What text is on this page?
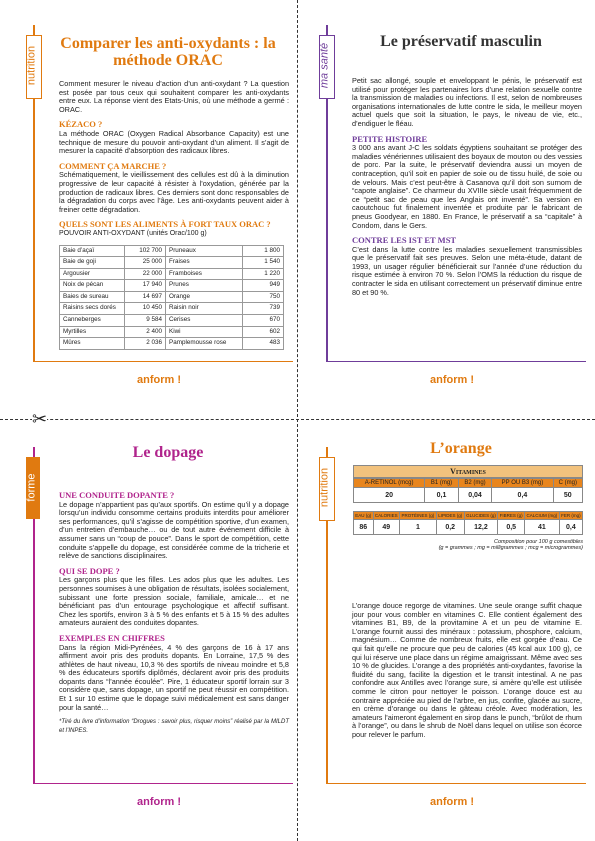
✂
nutrition
Comparer les anti-oxydants : la méthode ORAC

Comment mesurer le niveau d’action d’un anti-oxydant ? La question est posée par tous ceux qui souhaitent comparer les anti-oxydants entre eux. La réponse vient des Etats-Unis, où une méthode a germé : ORAC.

KÉZACO ?

La méthode ORAC (Oxygen Radical Absorbance Capacity) est une technique de mesure du pouvoir anti-oxydant d’un aliment. Il s’agit de mesurer la capacité d’absorption des radicaux libres.

COMMENT ÇA MARCHE ?

Schématiquement, le vieillissement des cellules est dû à la diminution progressive de leur capacité à résister à l’oxydation, générée par la production de radicaux libres. Ces derniers sont donc responsables de la dégradation du corps avec l’âge. Les anti-oxydants peuvent aider à freiner cette dégradation.

QUELS SONT LES ALIMENTS À FORT TAUX ORAC ?
POUVOIR ANTI-OXYDANT (unités Orac/100 g)
Baie d’açaï	102 700	Pruneaux	1 800
Baie de goji	25 000	Fraises	1 540
Argousier	22 000	Framboises	1 220
Noix de pécan	17 940	Prunes	949
Baies de sureau	14 697	Orange	750
Raisins secs dorés	10 450	Raisin noir	739
Canneberges	9 584	Cerises	670
Myrtilles	2 400	Kiwi	602
Mûres	2 036	Pamplemousse rose	483
anform !
ma santé
Le préservatif masculin

Petit sac allongé, souple et enveloppant le pénis, le préservatif est utilisé pour protéger les partenaires lors d’une relation sexuelle contre la transmission de maladies ou infections. Il est, selon de nombreuses organisations internationales de lutte contre le sida, le meilleur moyen actuel quels que soit la situation, le pays, le niveau de vie, etc., d’endiguer le fléau.

PETITE HISTOIRE

3 000 ans avant J-C les soldats égyptiens souhaitant se protéger des maladies vénériennes utilisaient des boyaux de mouton ou des vessies de porc. Par la suite, le préservatif deviendra aussi un moyen de contraception, qu’il soit en papier de soie ou de tissu huilé, de soie ou de velours. Mais c’est peut-être à Casanova qu’il doit son surnom de “capote anglaise”. Ce charmeur du XVIIIe siècle usait fréquemment de ce “petit sac de peau que les Anglais ont inventé”. Sa version en caoutchouc fut finalement inventée et produite par le fabricant de pneus Goodyear, en 1880. En France, le préservatif a sa “capitale” à Condom, dans le Gers.

CONTRE LES IST ET MST

C’est dans la lutte contre les maladies sexuellement transmissibles que le préservatif fait ses preuves. Selon une méta-étude, datant de 1993, un usager régulier bénéficierait sur l’année d’une réduction du risque estimée à environ 70 %. Selon l’OMS la réduction du risque de contracter le sida en utilisant correctement un préservatif diminue entre 80 et 90 %.

anform !
forme
Le dopage
UNE CONDUITE DOPANTE ?

Le dopage n’appartient pas qu’aux sportifs. On estime qu’il y a dopage lorsqu’un individu consomme certains produits interdits pour améliorer ses performances, qu’il s’agisse de compétition sportive, d’un examen, d’un entretien d’embauche… ou de tout autre événement difficile à assumer sans un “coup de pouce”. Dans le sport de compétition, cette conduite s’appelle du dopage, est considérée comme de la tricherie et relève de sanctions disciplinaires.

QUI SE DOPE ?

Les garçons plus que les filles. Les ados plus que les adultes. Les personnes soumises à une obligation de résultats, isolées socialement, subissant une forte pression sociale, familiale, amicale… et ne bénéficiant pas d’un entourage psychologique et affectif suffisant. Chez les sportifs, environ 3 à 5 % des enfants et 5 à 15 % des adultes amateurs auraient des conduites dopantes.

EXEMPLES EN CHIFFRES

Dans la région Midi-Pyrénées, 4 % des garçons de 16 à 17 ans affirment avoir pris des produits dopants. En Lorraine, 17,5 % des athlètes de haut niveau, 10,3 % des sportifs de niveau moindre et 5,8 % des éducateurs sportifs diplômés, déclarent avoir pris des produits dopants dans “l’année écoulée”. Pire, 1 éducateur sportif lorrain sur 3 considère que, sans dopage, un sportif ne peut réussir en compétition. Et 1 sur 10 estime que le dopage suivi médicalement est sans danger pour la santé…

*Tiré du livre d’information “Drogues : savoir plus, risquer moins” réalisé par la MILDT et l’INPES.

anform !
nutrition
L’orange
Vitamines
A-RETINOL (mcg)	B1 (mg)	B2 (mg)	PP OU B3 (mg)	C (mg)
20	0,1	0,04	0,4	50
EAU (g)	CALORIES	PROTÉINES (g)	LIPIDES (g)	GLUCIDES (g)	FIBRES (g)	CALCIUM (mg)	FER (mg)
86	49	1	0,2	12,2	0,5	41	0,4
Composition pour 100 g comestibles
(g = grammes ; mg = milligrammes ; mcg = microgrammes)

L’orange douce regorge de vitamines. Une seule orange suffit chaque jour pour vous combler en vitamines C. Elle contient également des vitamines B1, B9, de la provitamine A et un peu de vitamine E. L’orange fournit aussi des minéraux : potassium, phosphore, calcium, magnésium… Comme de nombreux fruits, elle est gorgée d’eau. Ce qui fait qu’elle ne procure que peu de calories (45 kcal aux 100 g), ce qui lui réserve une place dans un régime amaigrissant. Même avec ses 10 % de glucides. L’orange a des propriétés anti-oxydantes, favorise la fluidité du sang, facilite la digestion et le transit intestinal. A ne pas confondre aux Antilles avec l’orange sure, si amère qu’elle est utilisée comme le citron pour nettoyer le poisson. L’orange douce est au contraire appréciée au pied de l’arbre, en jus, confite, glacée au sucre, en crème d’orange ou dans le gâteau créole. Avec modération, les amateurs l’aimeront également en sirop dans le punch, “brûlot de rhum à l’orange”, ou dans le shrub de Noël dans lequel on utilise son écorce pour relever le parfum.

anform !
